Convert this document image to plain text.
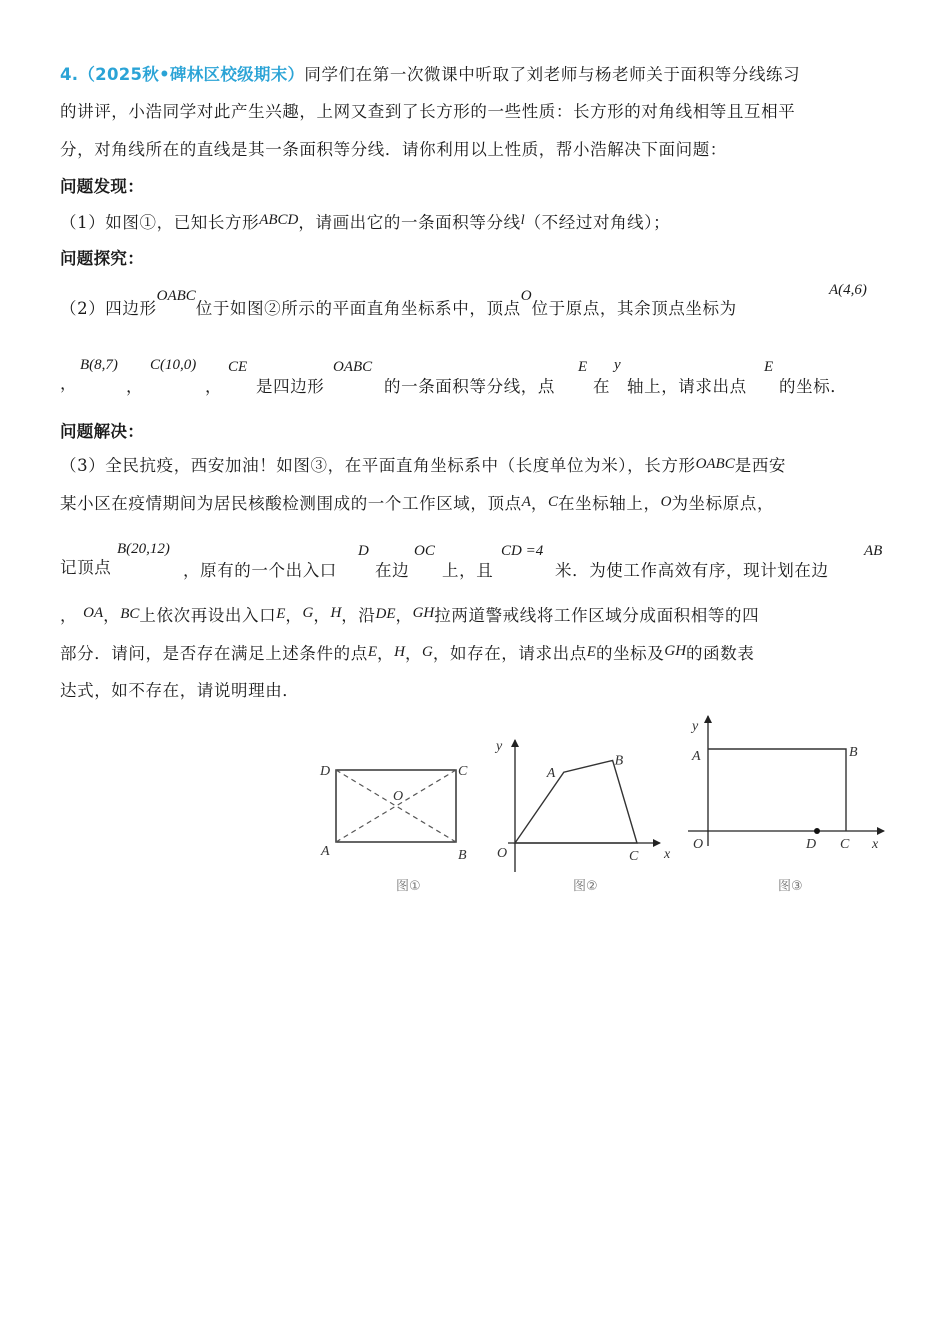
4.（2025秋•碑林区校级期末）同学们在第一次微课中听取了刘老师与杨老师关于面积等分线练习
的讲评，小浩同学对此产生兴趣，上网又查到了长方形的一些性质：长方形的对角线相等且互相平
分，对角线所在的直线是其一条面积等分线．请你利用以上性质，帮小浩解决下面问题：
问题发现：
（1）如图①，已知长方形ABCD，请画出它的一条面积等分线$^l$（不经过对角线）；
问题探究：
（2）四边形OABC位于如图②所示的平面直角坐标系中，顶点O位于原点，其余顶点坐标为
A(4,6)
，
B(8,7)
，
C(10,0)
，
CE
是四边形
OABC
的一条面积等分线，点
E
在
y
轴上，请求出点
E
的坐标．
问题解决：
（3）全民抗疫，西安加油！如图③，在平面直角坐标系中（长度单位为米），长方形OABC是西安
某小区在疫情期间为居民核酸检测围成的一个工作区域，顶点A，C在坐标轴上，O为坐标原点，
记顶点
B(20,12)
，原有的一个出入口
D
在边
OC
上，且
CD =4
米．为使工作高效有序，现计划在边
AB
， OA，BC上依次再设出入口E，G，H，沿DE，GH拉两道警戒线将工作区域分成面积相等的四
部分．请问，是否存在满足上述条件的点E，H，G，如存在，请求出点E的坐标及GH的函数表
达式，如不存在，请说明理由．
D	C
A	B
O
图①
y
x
O
A
B
C
图②
y
x
A	B
O	D C
图③
